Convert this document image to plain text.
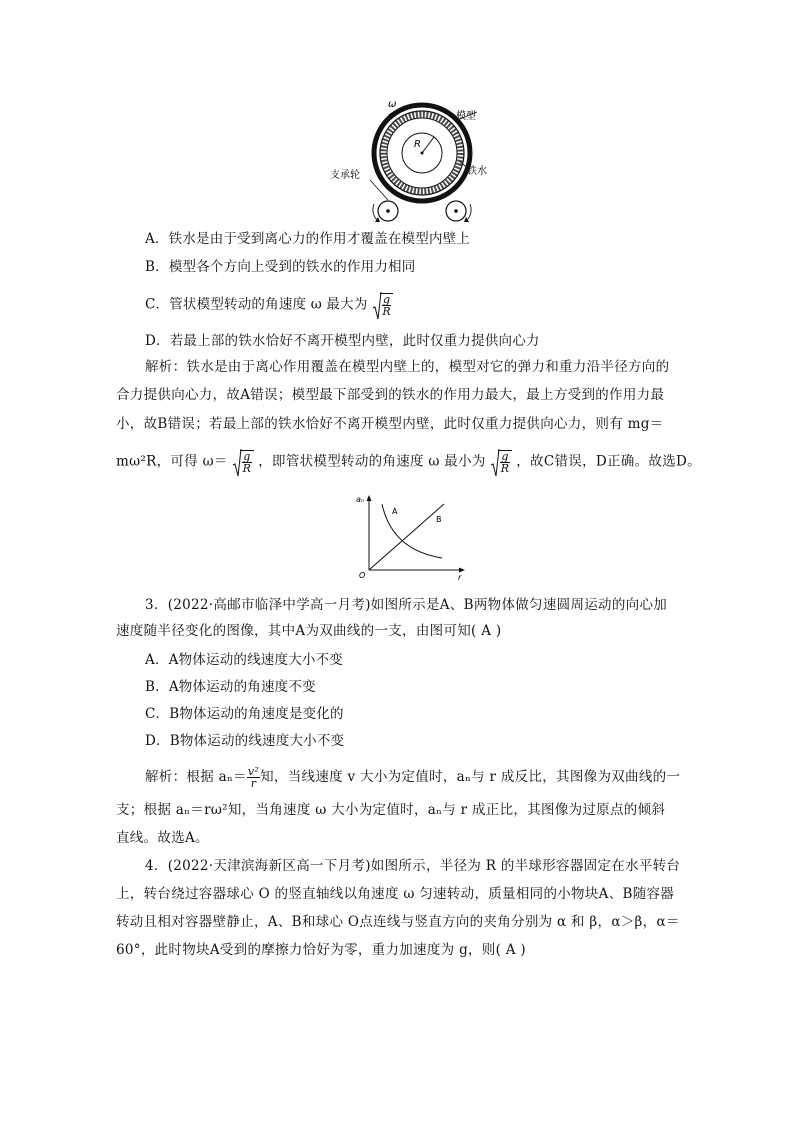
ω
R
模型
铁水
支承轮
A．铁水是由于受到离心力的作用才覆盖在模型内壁上
B．模型各个方向上受到的铁水的作用力相同
C．管状模型转动的角速度 ω 最大为 $\frac{g}{R}$
D．若最上部的铁水恰好不离开模型内壁，此时仅重力提供向心力
解析：铁水是由于离心作用覆盖在模型内壁上的，模型对它的弹力和重力沿半径方向的
合力提供向心力，故A错误；模型最下部受到的铁水的作用力最大，最上方受到的作用力最
小，故B错误；若最上部的铁水恰好不离开模型内壁，此时仅重力提供向心力，则有 mg＝
mω²R，可得 $\omega= \frac{g}{R}$ ，即管状模型转动的角速度 ω 最小为 $\frac{g}{R}$ ，故C错误，D正确。故选D。
aₙ
r
O
A
B
3．(2022·高邮市临泽中学高一月考)如图所示是A、B两物体做匀速圆周运动的向心加
速度随半径变化的图像，其中A为双曲线的一支，由图可知( A )
A．A物体运动的线速度大小不变
B．A物体运动的角速度不变
C．B物体运动的角速度是变化的
D．B物体运动的线速度大小不变
解析：根据 $a_n= \frac{\text{v²}}{r}$ 知，当线速度 v 大小为定值时，aₙ与 r 成反比，其图像为双曲线的一
支；根据 aₙ＝rω²知，当角速度 ω 大小为定值时，aₙ与 r 成正比，其图像为过原点的倾斜
直线。故选A。
4．(2022·天津滨海新区高一下月考)如图所示，半径为 R 的半球形容器固定在水平转台
上，转台绕过容器球心 O 的竖直轴线以角速度 ω 匀速转动，质量相同的小物块A、B随容器
转动且相对容器壁静止，A、B和球心 O点连线与竖直方向的夹角分别为 α 和 β，α＞β，α＝
60°，此时物块A受到的摩擦力恰好为零，重力加速度为 g，则( A )
